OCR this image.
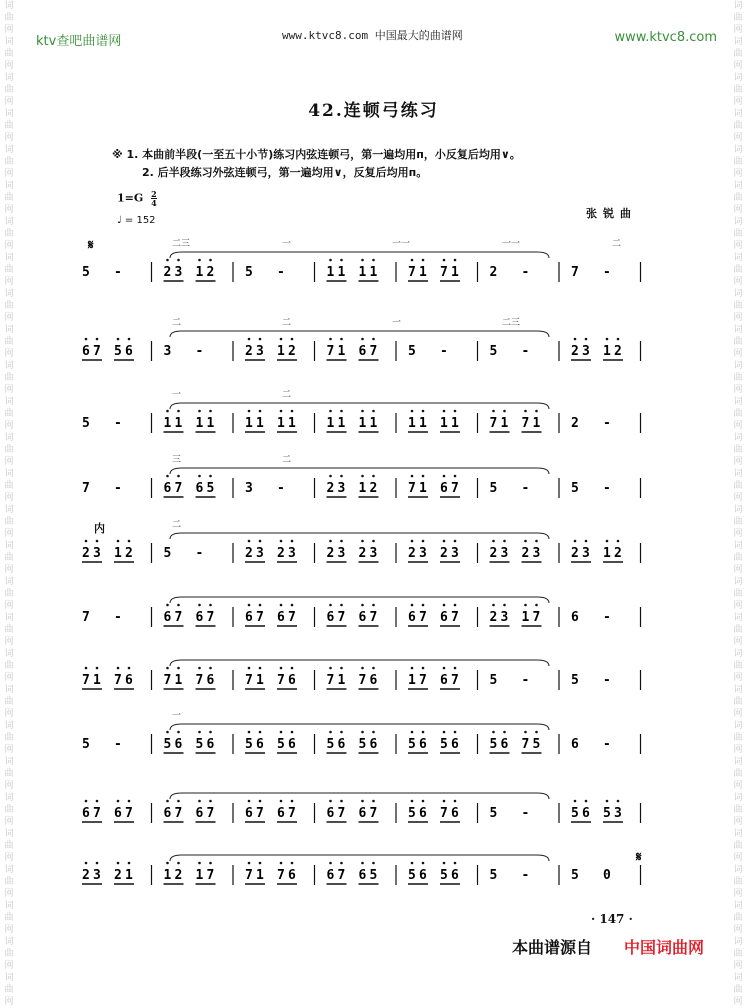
词曲网词曲网词曲网词曲网词曲网词曲网词曲网词曲网词曲网词曲网词曲网词曲网词曲网词曲网词曲网词曲网词曲网词曲网词曲网词曲网词曲网词曲网词曲网词曲网词曲网词曲网词曲网词曲网
词曲网词曲网词曲网词曲网词曲网词曲网词曲网词曲网词曲网词曲网词曲网词曲网词曲网词曲网词曲网词曲网词曲网词曲网词曲网词曲网词曲网词曲网词曲网词曲网词曲网词曲网词曲网词曲网
ktv查吧曲谱网	www.ktvc8.com 中国最大的曲谱网	www.ktvc8.com
42.连顿弓练习
※ 1. 本曲前半段(一至五十小节)练习内弦连顿弓，第一遍均用ᴨ，小反复后均用∨。
2. 后半段练习外弦连顿弓，第一遍均用∨，反复后均用ᴨ。
$1=G \frac{2}{4}$
♩ = 152
张锐曲
内
𝄋
𝄋
二三	一	一一	一一	二
5 -	2 3 1 2 5 -	1 1 1 1 7 1 7 1 2 -	7 -
二	二	一	二三
6 7 5 6 3 -	2 3 1 2 7 1 6 7 5 -	5 -	2 3 1 2
一	二
5 -	1 1 1 1 1 1 1 1 1 1 1 1 1 1 1 1 7 1 7 1 2 -
三	二
7 -	6 7 6 5 3 -	2 3 1 2 7 1 6 7 5 -	5 -
二
2 3 1 2 5 -	2 3 2 3 2 3 2 3 2 3 2 3 2 3 2 3 2 3 1 2
7 -	6 7 6 7 6 7 6 7 6 7 6 7 6 7 6 7 2 3 1 7 6 -
7 1 7 6 7 1 7 6 7 1 7 6 7 1 7 6 1 7 6 7 5 -	5 -
一
5 -	5 6 5 6 5 6 5 6 5 6 5 6 5 6 5 6 5 6 7 5 6 -
6 7 6 7 6 7 6 7 6 7 6 7 6 7 6 7 5 6 7 6 5 -	5 6 5 3
2 3 2 1 1 2 1 7 7 1 7 6 6 7 6 5 5 6 5 6 5 -	5 0
· 147 ·
本曲谱源自 中国词曲网
